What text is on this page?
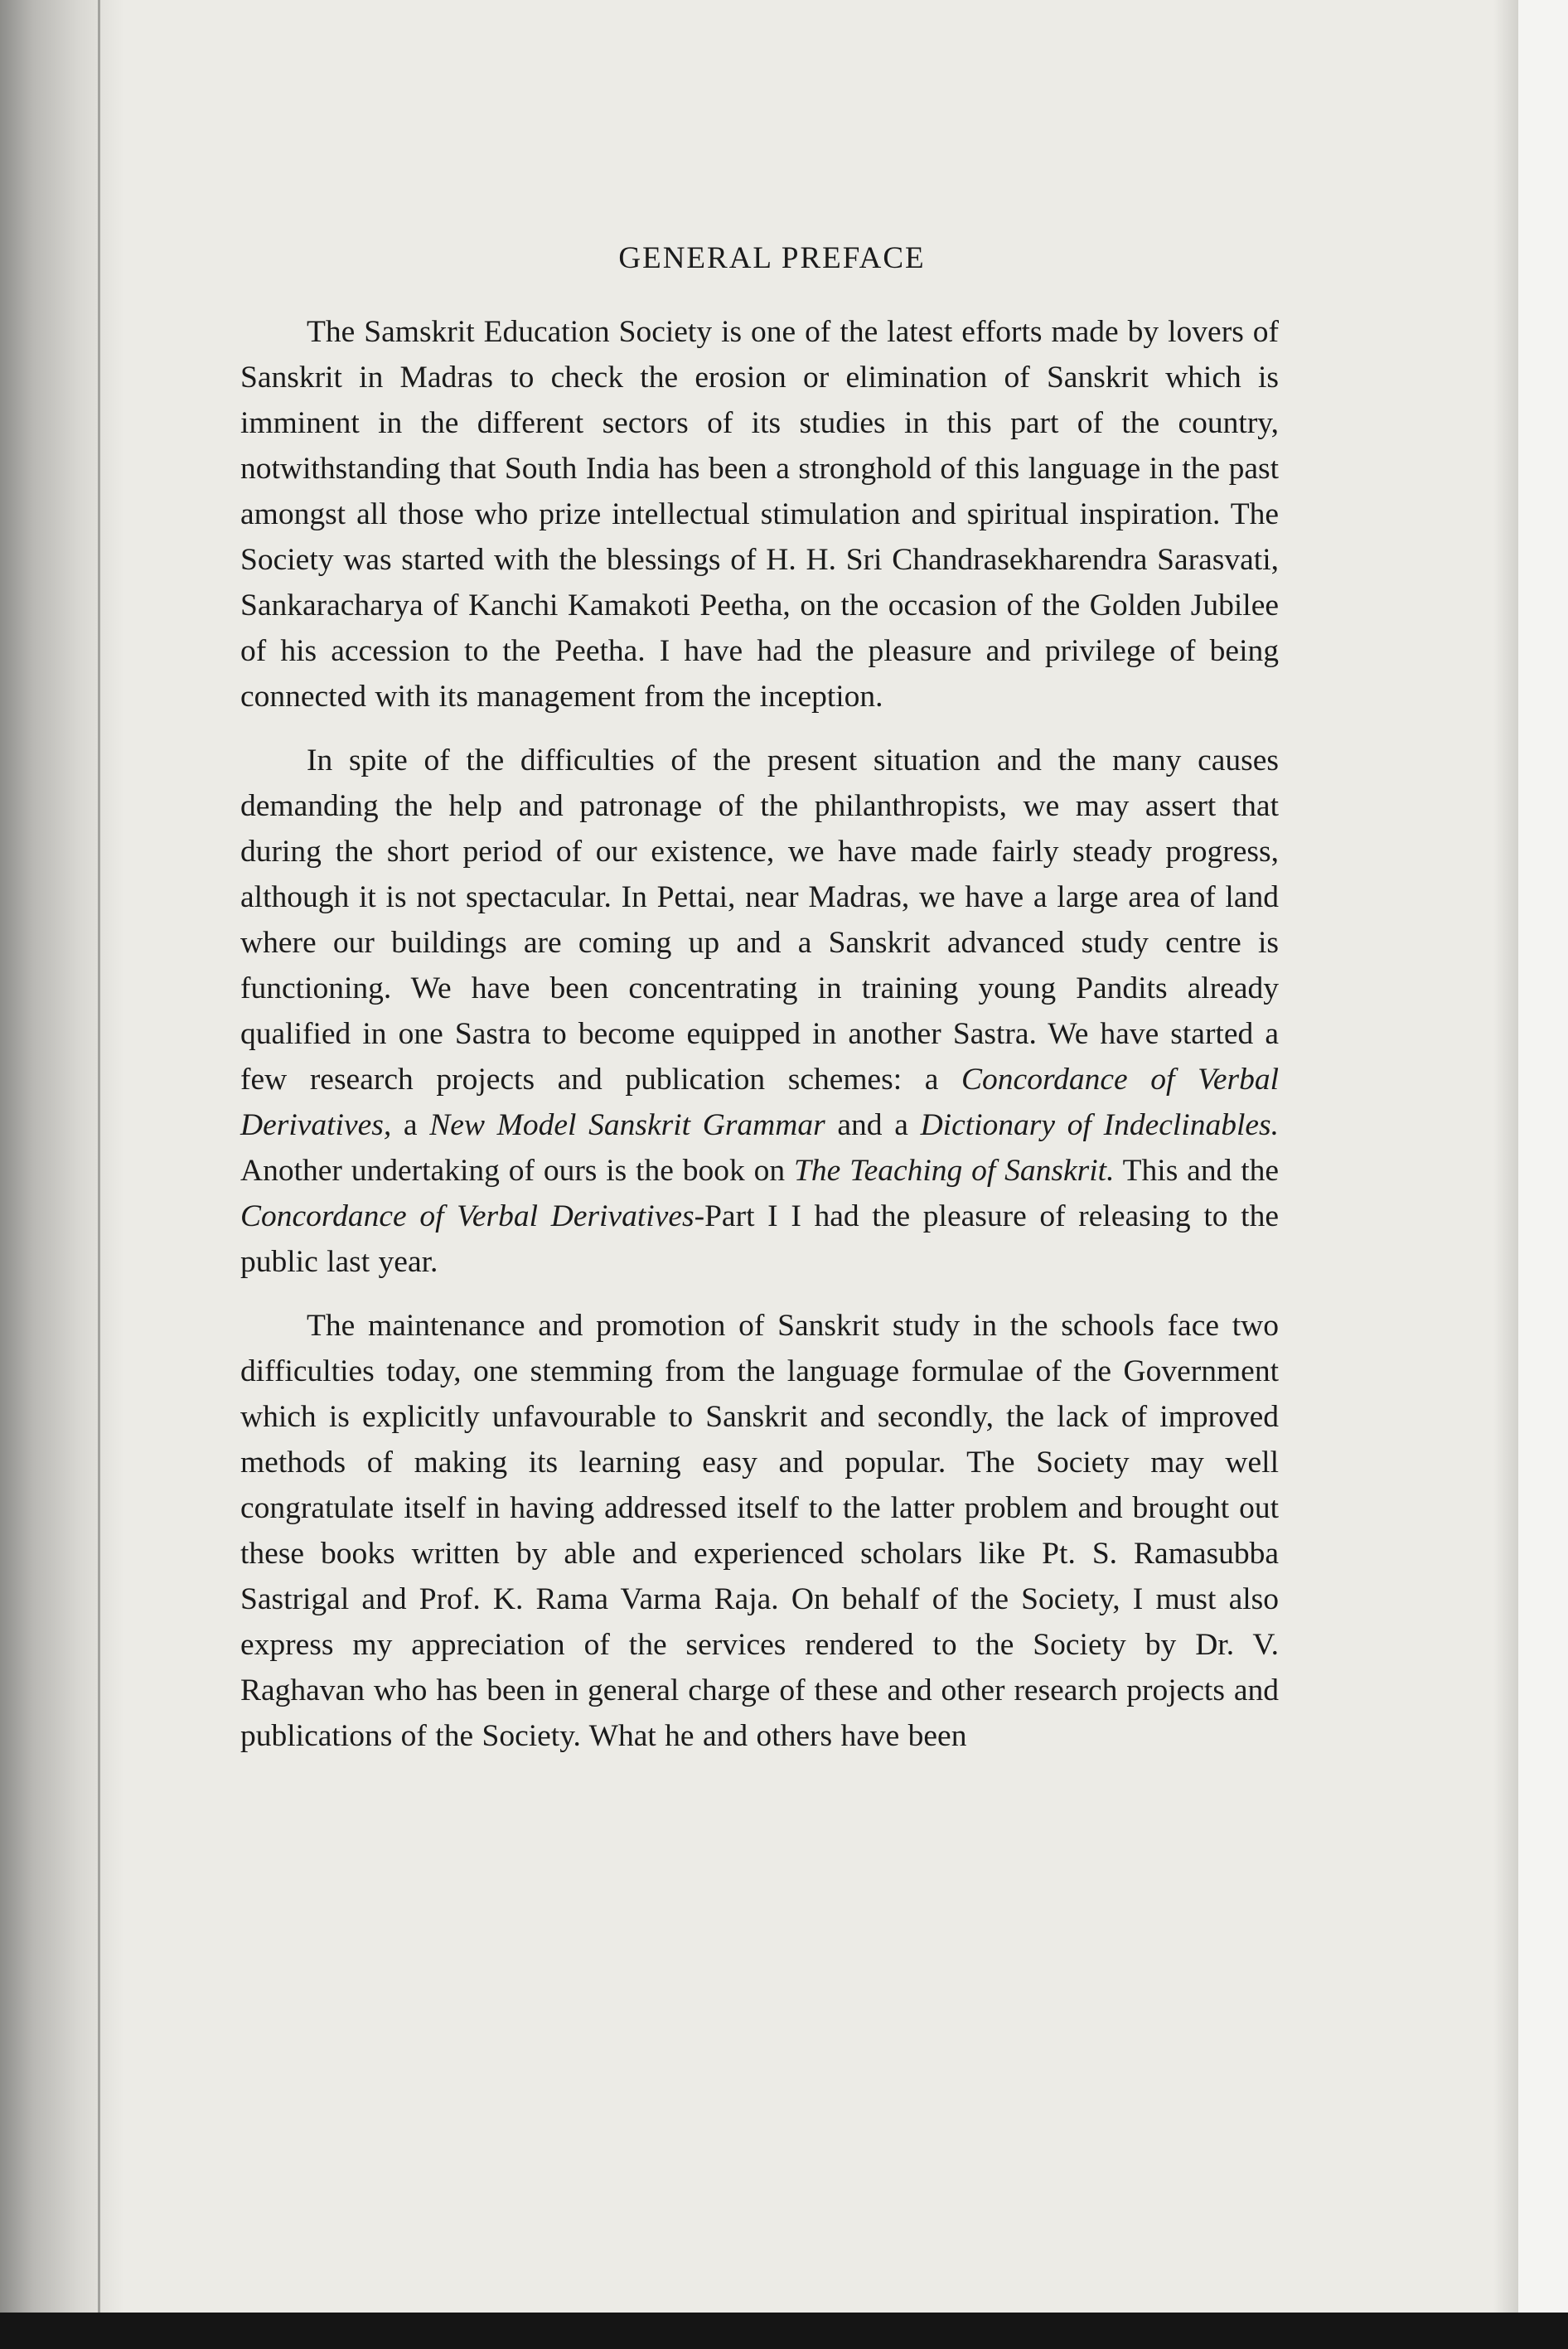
GENERAL PREFACE

The Samskrit Education Society is one of the latest efforts made by lovers of Sanskrit in Madras to check the erosion or elimination of Sanskrit which is imminent in the different sectors of its studies in this part of the country, notwithstanding that South India has been a stronghold of this language in the past amongst all those who prize intellectual stimulation and spiritual inspiration. The Society was started with the blessings of H. H. Sri Chandrasekharendra Sarasvati, Sankaracharya of Kanchi Kamakoti Peetha, on the occasion of the Golden Jubilee of his accession to the Peetha. I have had the pleasure and privilege of being connected with its management from the inception.

In spite of the difficulties of the present situation and the many causes demanding the help and patronage of the philanthropists, we may assert that during the short period of our existence, we have made fairly steady progress, although it is not spectacular. In Pettai, near Madras, we have a large area of land where our buildings are coming up and a Sanskrit advanced study centre is functioning. We have been concentrating in training young Pandits already qualified in one Sastra to become equipped in another Sastra. We have started a few research projects and publication schemes: a Concordance of Verbal Derivatives, a New Model Sanskrit Grammar and a Dictionary of Indeclinables. Another undertaking of ours is the book on The Teaching of Sanskrit. This and the Concordance of Verbal Derivatives-Part I I had the pleasure of releasing to the public last year.

The maintenance and promotion of Sanskrit study in the schools face two difficulties today, one stemming from the language formulae of the Government which is explicitly unfavourable to Sanskrit and secondly, the lack of improved methods of making its learning easy and popular. The Society may well congratulate itself in having addressed itself to the latter problem and brought out these books written by able and experienced scholars like Pt. S. Ramasubba Sastrigal and Prof. K. Rama Varma Raja. On behalf of the Society, I must also express my appreciation of the services rendered to the Society by Dr. V. Raghavan who has been in general charge of these and other research projects and publications of the Society. What he and others have been
